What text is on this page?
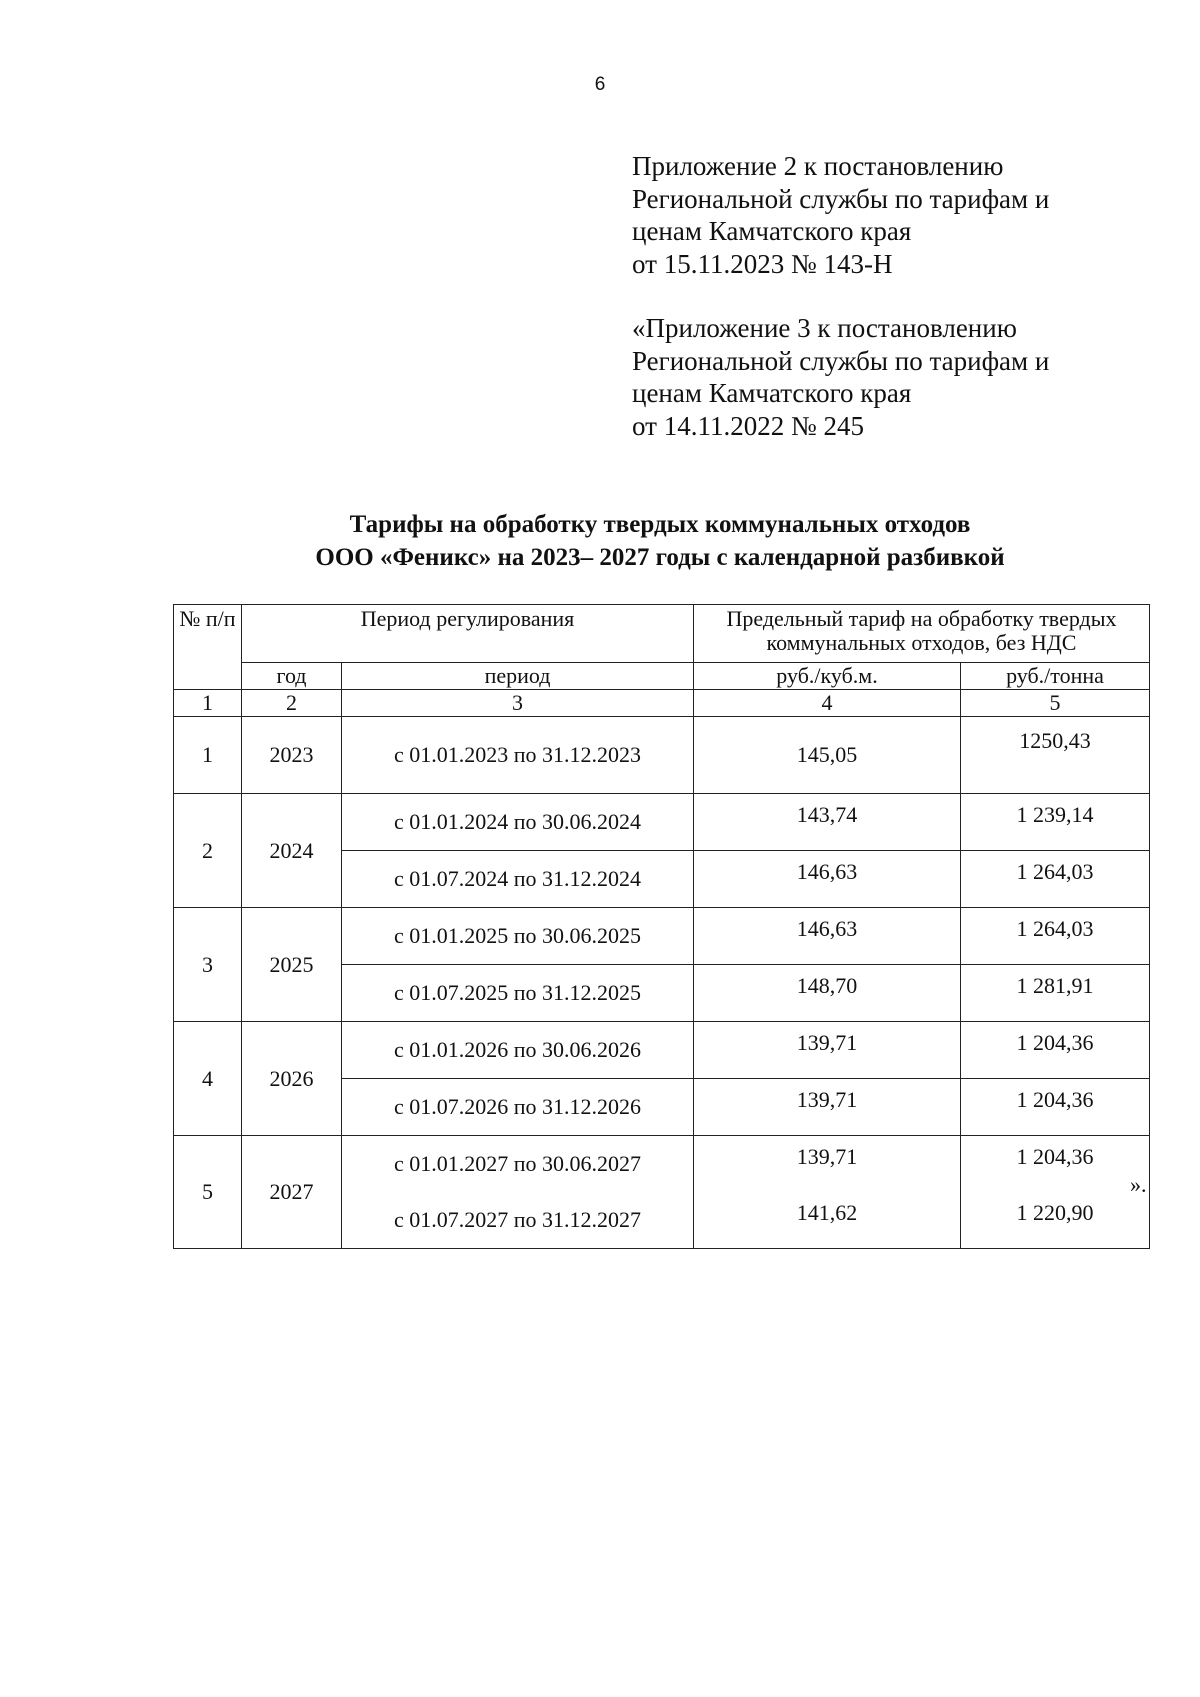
6
Приложение 2 к постановлению
Региональной службы по тарифам и
ценам Камчатского края
от 15.11.2023 № 143-Н
«Приложение 3 к постановлению
Региональной службы по тарифам и
ценам Камчатского края
от 14.11.2022 № 245
Тарифы на обработку твердых коммунальных отходов
ООО «Феникс» на 2023– 2027 годы с календарной разбивкой
№ п/п	Период регулирования		Предельный тариф на обработку твердых коммунальных отходов, без НДС	
	год	период	руб./куб.м.	руб./тонна
1	2	3	4	5
1	2023	с 01.01.2023 по 31.12.2023	145,05	1250,43
2	2024	с 01.01.2024 по 30.06.2024	143,74	1 239,14
		с 01.07.2024 по 31.12.2024	146,63	1 264,03
3	2025	с 01.01.2025 по 30.06.2025	146,63	1 264,03
		с 01.07.2025 по 31.12.2025	148,70	1 281,91
4	2026	с 01.01.2026 по 30.06.2026	139,71	1 204,36
		с 01.07.2026 по 31.12.2026	139,71	1 204,36
5	2027	с 01.01.2027 по 30.06.2027	139,71	1 204,36
		с 01.07.2027 по 31.12.2027	141,62	1 220,90
».
